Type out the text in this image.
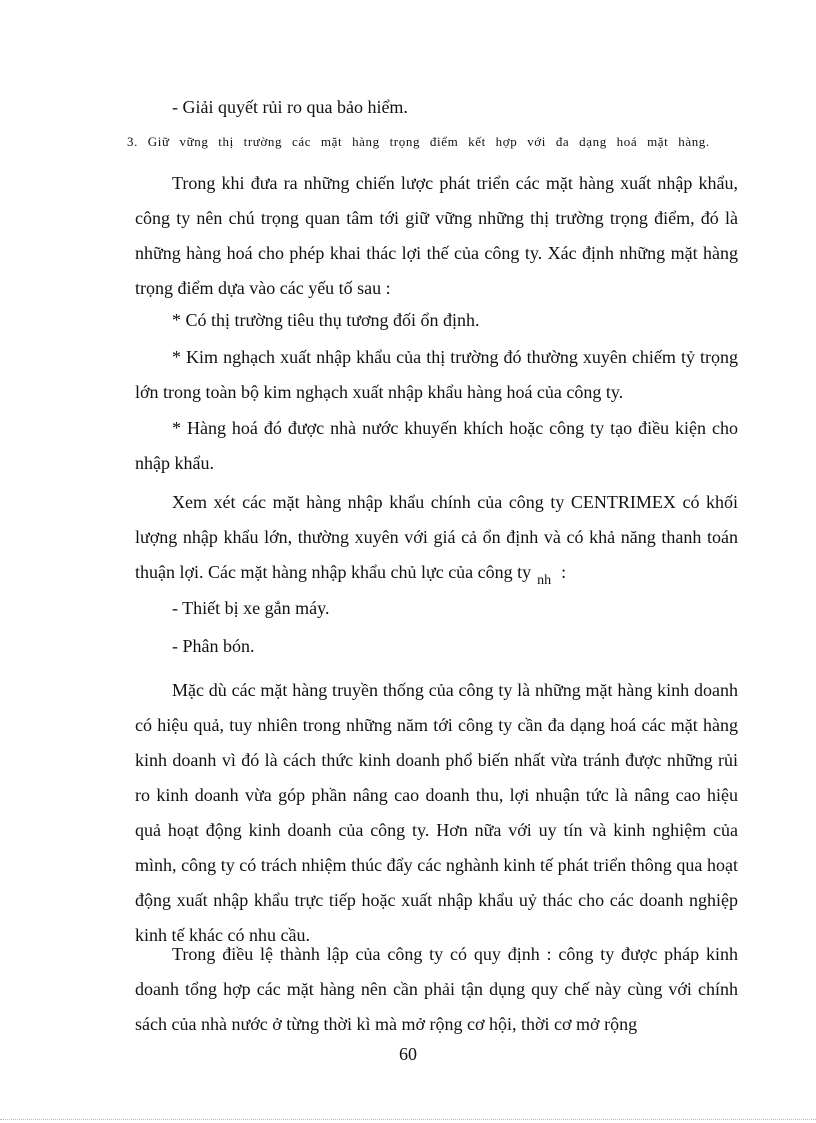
3. Giữ vững thị trường các mặt hàng trọng điểm kết hợp với đa dạng hoá mặt hàng.
- Giải quyết rủi ro qua bảo hiểm.
Trong khi đưa ra những chiến lược phát triển các mặt hàng xuất nhập khẩu, công ty nên chú trọng quan tâm tới giữ vững những thị trường trọng điểm, đó là những hàng hoá cho phép khai thác lợi thế của công ty. Xác định những mặt hàng trọng điểm dựa vào các yếu tố sau :
* Có thị trường tiêu thụ tương đối ổn định.
* Kim nghạch xuất nhập khẩu của thị trường đó thường xuyên chiếm tỷ trọng lớn trong toàn bộ kim nghạch xuất nhập khẩu hàng hoá của công ty.
* Hàng hoá đó được nhà nước khuyến khích hoặc công ty tạo điều kiện cho nhập khẩu.
Xem xét các mặt hàng nhập khẩu chính của công ty CENTRIMEX có khối lượng nhập khẩu lớn, thường xuyên với giá cả ổn định và có khả năng thanh toán thuận lợi. Các mặt hàng nhập khẩu chủ lực của công ty $_{nh}$ :
- Thiết bị xe gắn máy.
- Phân bón.
Mặc dù các mặt hàng truyền thống của công ty là những mặt hàng kinh doanh có hiệu quả, tuy nhiên trong những năm tới công ty cần đa dạng hoá các mặt hàng kinh doanh vì đó là cách thức kinh doanh phổ biến nhất vừa tránh được những rủi ro kinh doanh vừa góp phần nâng cao doanh thu, lợi nhuận tức là nâng cao hiệu quả hoạt động kinh doanh của công ty. Hơn nữa với uy tín và kinh nghiệm của mình, công ty có trách nhiệm thúc đẩy các nghành kinh tế phát triển thông qua hoạt động xuất nhập khẩu trực tiếp hoặc xuất nhập khẩu uỷ thác cho các doanh nghiệp kinh tế khác có nhu cầu.
Trong điều lệ thành lập của công ty có quy định : công ty được pháp kinh doanh tổng hợp các mặt hàng nên cần phải tận dụng quy chế này cùng với chính sách của nhà nước ở từng thời kì mà mở rộng cơ hội, thời cơ mở rộng
60
